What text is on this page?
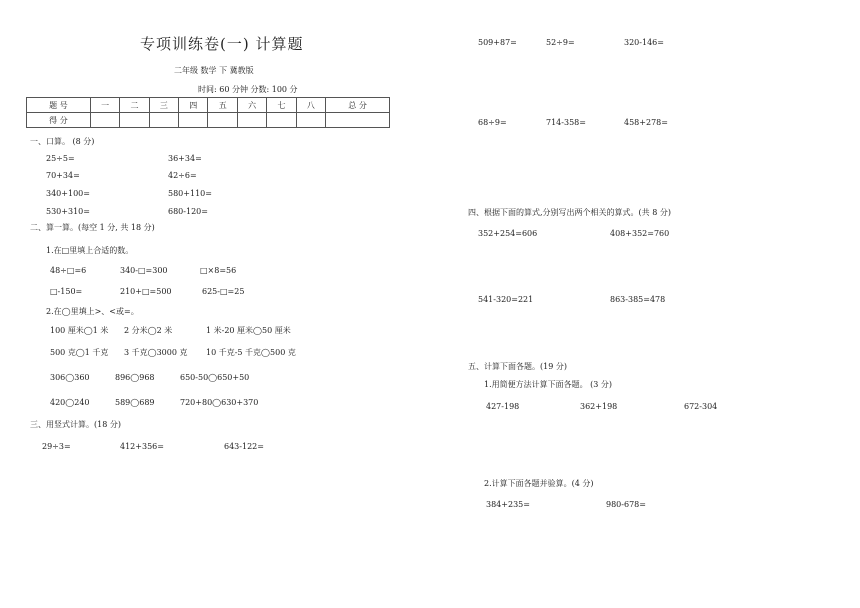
专项训练卷(一) 计算题
二年级 数学 下 冀教版
时间: 60 分钟 分数: 100 分
题 号	一	二	三	四	五	六	七	八	总 分
得 分									
一、口算。 (8 分)
25÷5=	36+34=
70+34=	42÷6=
340+100=	580+110=
530+310=	680-120=
二、算一算。(每空 1 分, 共 18 分)
1.在□里填上合适的数。
48÷□=6	340-□=300	□×8=56
□-150=	210+□=500	625-□=25
2.在◯里填上>、<或=。
100 厘米◯1 米 2 分米◯2 米	1 米-20 厘米◯50 厘米
500 克◯1 千克 3 千克◯3000 克 10 千克-5 千克◯500 克
306◯360	896◯968	650-50◯650+50
420◯240	589◯689	720+80◯630+370
三、用竖式计算。(18 分)
29÷3=	412+356=	643-122=
509+87=	52÷9=	320-146=
68÷9=	714-358=	458+278=
四、根据下面的算式,分别写出两个相关的算式。(共 8 分)
352+254=606	408+352=760
541-320=221	863-385=478
五、计算下面各题。(19 分)
1.用简便方法计算下面各题。 (3 分)
427-198	362+198	672-304
2.计算下面各题并验算。(4 分)
384+235=	980-678=
